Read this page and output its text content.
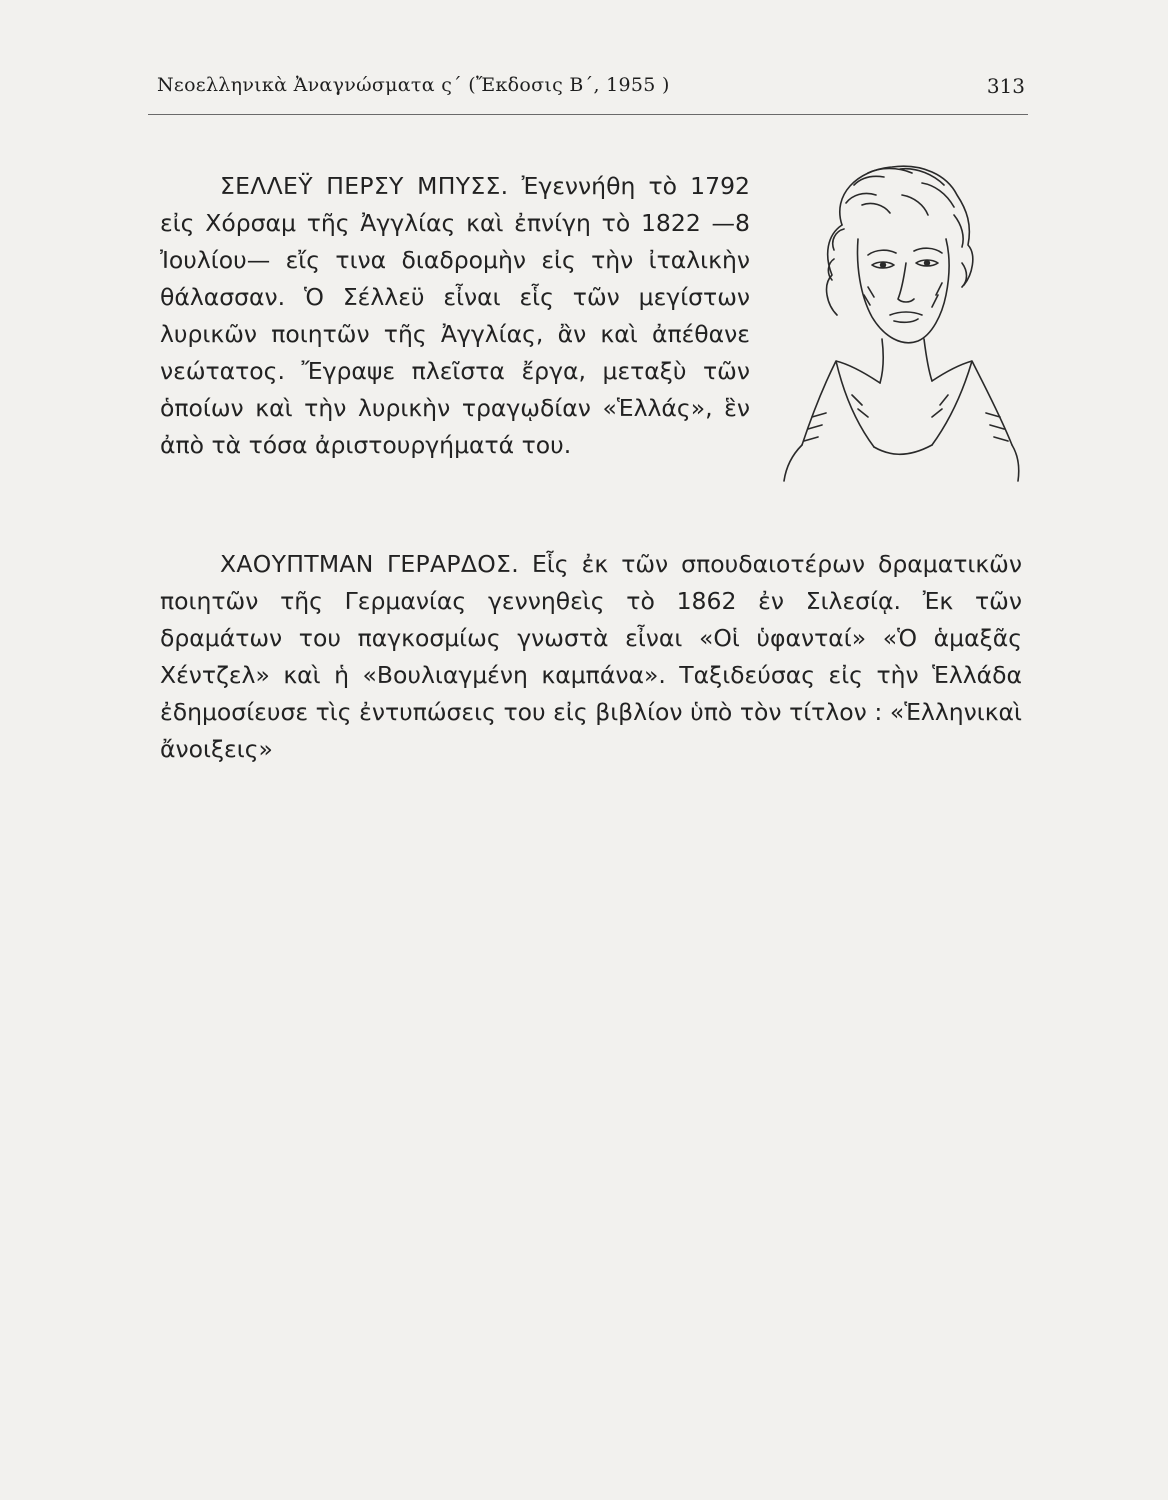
Νεοελληνικὰ Ἀναγνώσματα ς΄ (Ἔκδοσις Β΄, 1955 )	313

ΣΕΛΛΕΫ ΠΕΡΣΥ ΜΠΥΣΣ. Ἐγεννήθη τὸ 1792 εἰς Χόρσαμ τῆς Ἀγγλίας καὶ ἐπνίγη τὸ 1822 —8 Ἰουλίου— εἴς τινα διαδρομὴν εἰς τὴν ἰταλικὴν θάλασσαν. Ὁ Σέλλεϋ εἶναι εἷς τῶν μεγίστων λυρικῶν ποιητῶν τῆς Ἀγγλίας, ἂν καὶ ἀπέθανε νεώτατος. Ἔγραψε πλεῖστα ἔργα, μεταξὺ τῶν ὁποίων καὶ τὴν λυρικὴν τραγῳδίαν «Ἑλλάς», ἓν ἀπὸ τὰ τόσα ἀριστουργήματά του.

ΧΑΟΥΠΤΜΑΝ ΓΕΡΑΡΔΟΣ. Εἷς ἐκ τῶν σπουδαιοτέρων δραματικῶν ποιητῶν τῆς Γερμανίας γεννηθεὶς τὸ 1862 ἐν Σιλεσίᾳ. Ἐκ τῶν δραμάτων του παγκοσμίως γνωστὰ εἶναι «Οἱ ὑφανταί» «Ὁ ἁμαξᾶς Χέντζελ» καὶ ἡ «Βουλιαγμένη καμπάνα». Ταξιδεύσας εἰς τὴν Ἑλλάδα ἐδημοσίευσε τὶς ἐντυπώσεις του εἰς βιβλίον ὑπὸ τὸν τίτλον : «Ἑλληνικαὶ ἄνοιξεις»
